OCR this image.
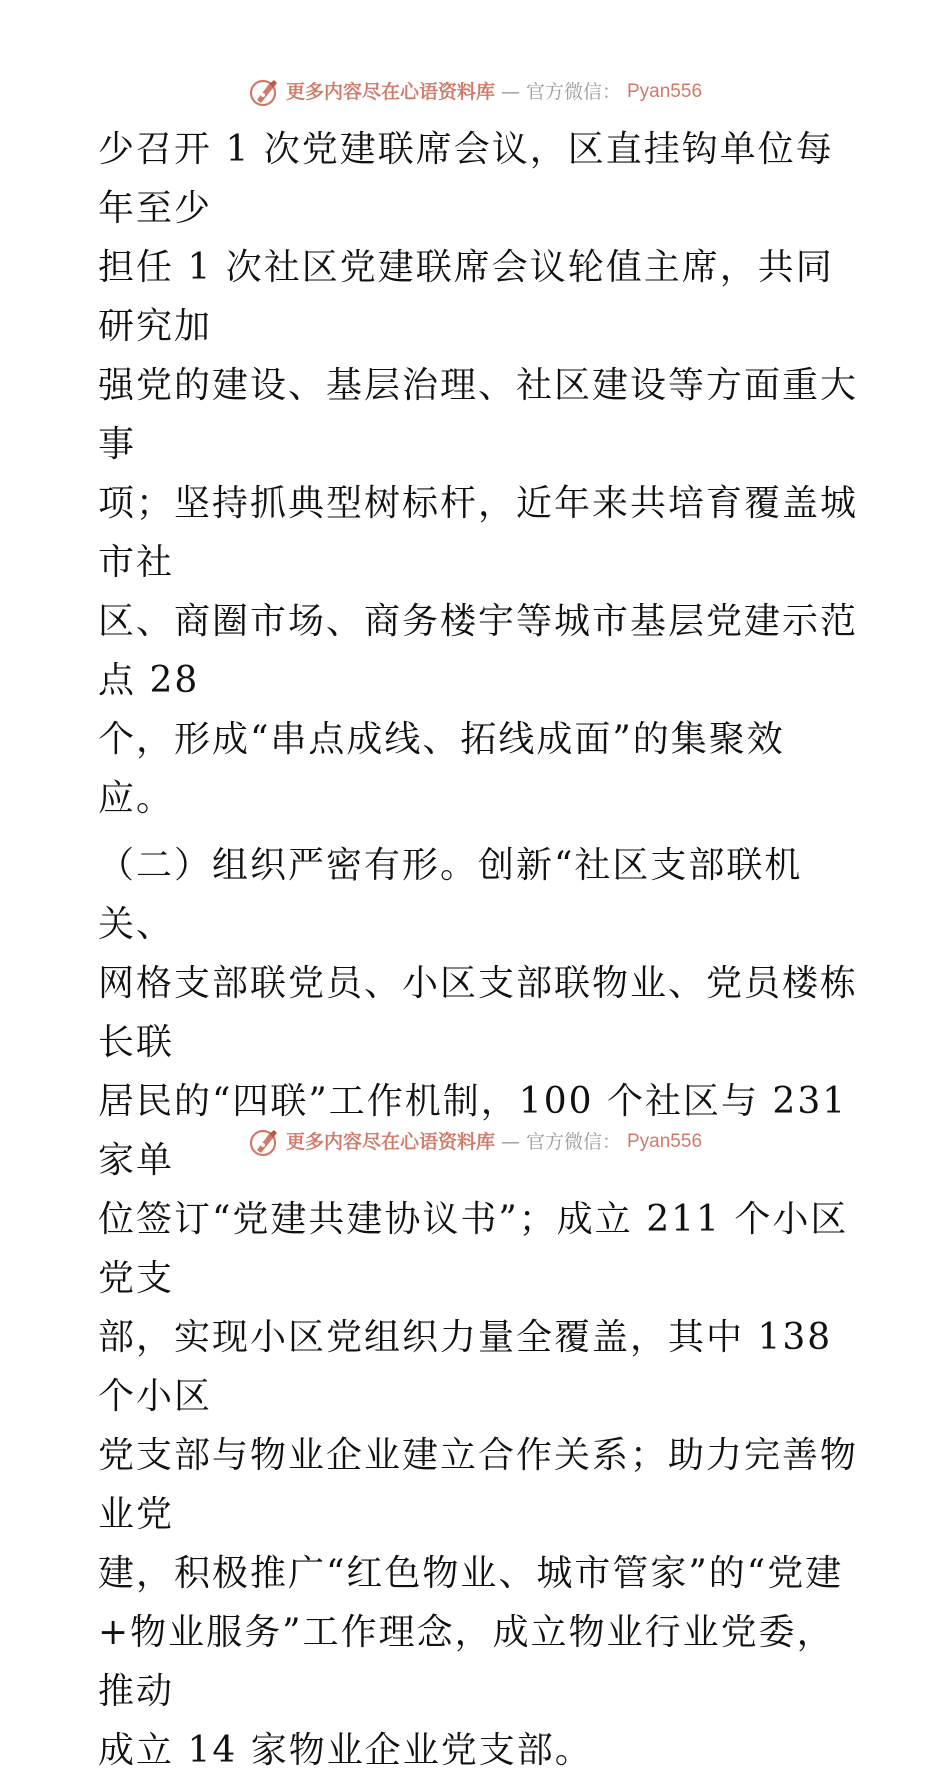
更多内容尽在心语资料库 — 官方微信： Pyan556

少召开 1 次党建联席会议，区直挂钩单位每年至少
担任 1 次社区党建联席会议轮值主席，共同研究加
强党的建设、基层治理、社区建设等方面重大事
项；坚持抓典型树标杆，近年来共培育覆盖城市社
区、商圈市场、商务楼宇等城市基层党建示范点 28
个，形成“串点成线、拓线成面”的集聚效应。

（二）组织严密有形。创新“社区支部联机关、
网格支部联党员、小区支部联物业、党员楼栋长联
居民的“四联”工作机制，100 个社区与 231 家单
位签订“党建共建协议书”；成立 211 个小区党支
部，实现小区党组织力量全覆盖，其中 138 个小区
党支部与物业企业建立合作关系；助力完善物业党
建，积极推广“红色物业、城市管家”的“党建
+物业服务”工作理念，成立物业行业党委，推动
成立 14 家物业企业党支部。

更多内容尽在心语资料库 — 官方微信： Pyan556
